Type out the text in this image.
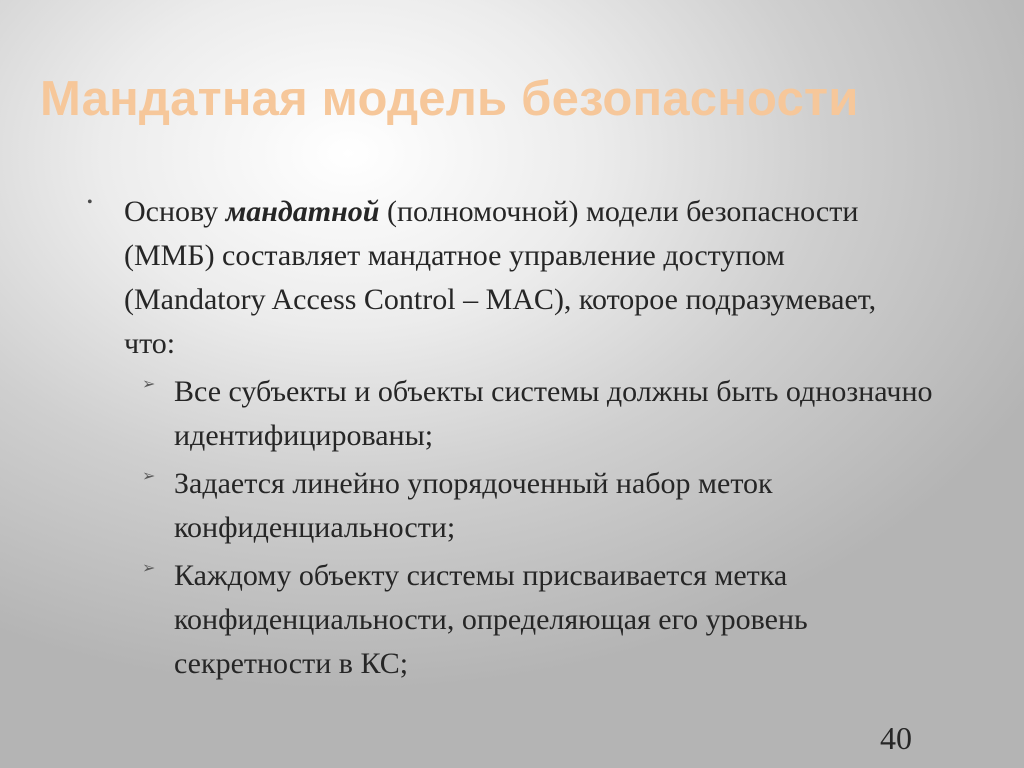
Мандатная модель безопасности
• Основу мандатной (полномочной) модели безопасности (ММБ) составляет мандатное управление доступом (Mandatory Access Control – MAC), которое подразумевает, что:
➢ Все субъекты и объекты системы должны быть однозначно идентифицированы;
➢ Задается линейно упорядоченный набор меток конфиденциальности;
➢ Каждому объекту системы присваивается метка конфиденциальности, определяющая его уровень секретности в КС;
40
